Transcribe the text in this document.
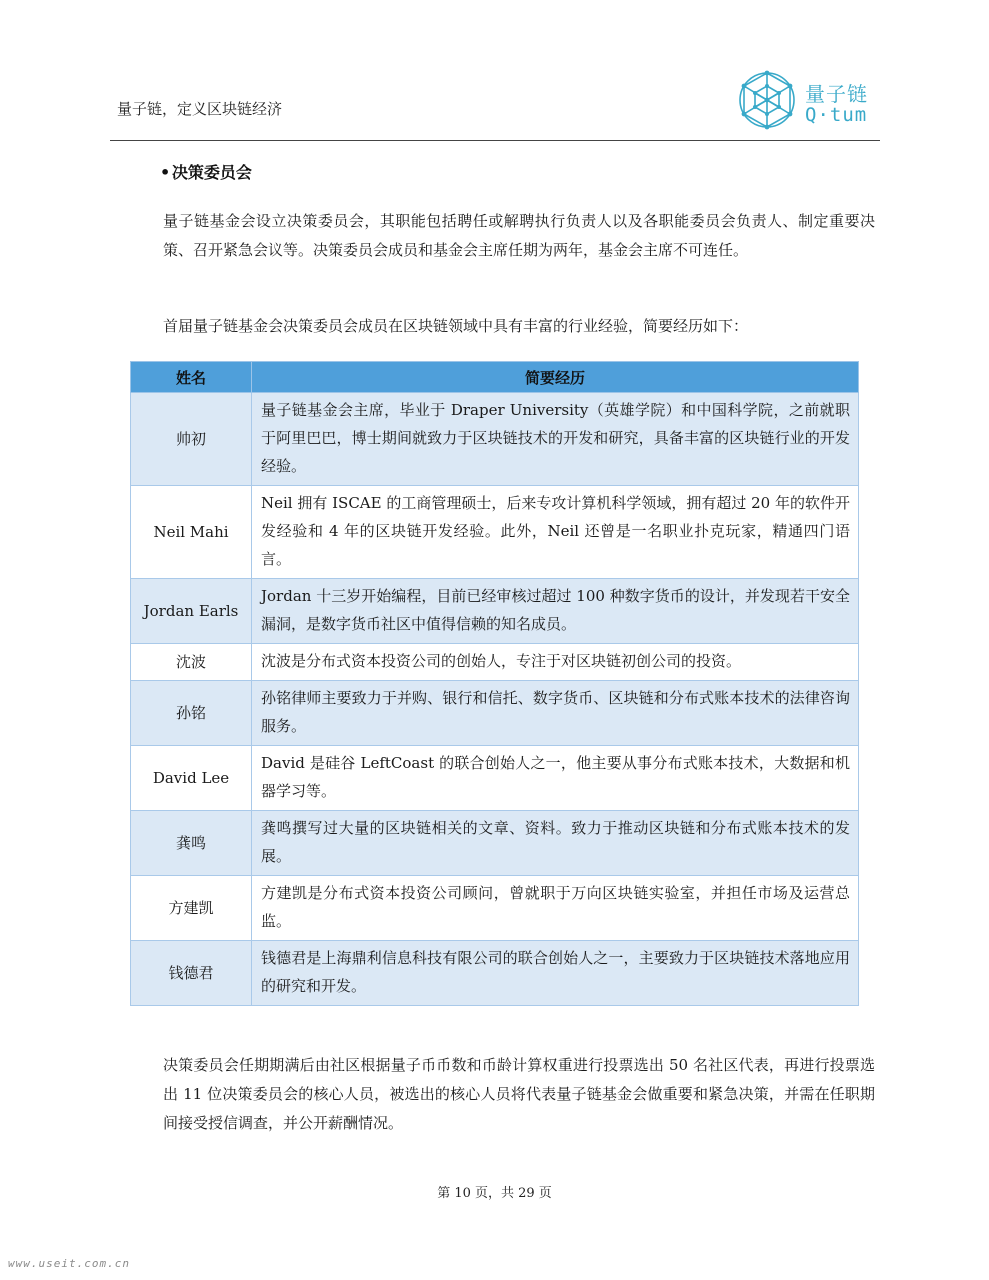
量子链，定义区块链经济
量子链
Q·tum
• 决策委员会
量子链基金会设立决策委员会，其职能包括聘任或解聘执行负责人以及各职能委员会负责人、制定重要决策、召开紧急会议等。决策委员会成员和基金会主席任期为两年，基金会主席不可连任。
首届量子链基金会决策委员会成员在区块链领域中具有丰富的行业经验，简要经历如下：
姓名	简要经历
帅初	量子链基金会主席，毕业于 Draper University（英雄学院）和中国科学院，之前就职于阿里巴巴，博士期间就致力于区块链技术的开发和研究，具备丰富的区块链行业的开发经验。
Neil Mahi	Neil 拥有 ISCAE 的工商管理硕士，后来专攻计算机科学领域，拥有超过 20 年的软件开发经验和 4 年的区块链开发经验。此外，Neil 还曾是一名职业扑克玩家，精通四门语言。
Jordan Earls	Jordan 十三岁开始编程，目前已经审核过超过 100 种数字货币的设计，并发现若干安全漏洞，是数字货币社区中值得信赖的知名成员。
沈波	沈波是分布式资本投资公司的创始人，专注于对区块链初创公司的投资。
孙铭	孙铭律师主要致力于并购、银行和信托、数字货币、区块链和分布式账本技术的法律咨询服务。
David Lee	David 是硅谷 LeftCoast 的联合创始人之一，他主要从事分布式账本技术，大数据和机器学习等。
龚鸣	龚鸣撰写过大量的区块链相关的文章、资料。致力于推动区块链和分布式账本技术的发展。
方建凯	方建凯是分布式资本投资公司顾问，曾就职于万向区块链实验室，并担任市场及运营总监。
钱德君	钱德君是上海鼎利信息科技有限公司的联合创始人之一，主要致力于区块链技术落地应用的研究和开发。
决策委员会任期期满后由社区根据量子币币数和币龄计算权重进行投票选出 50 名社区代表，再进行投票选出 11 位决策委员会的核心人员，被选出的核心人员将代表量子链基金会做重要和紧急决策，并需在任职期间接受授信调查，并公开薪酬情况。
第 10 页，共 29 页
www.useit.com.cn
